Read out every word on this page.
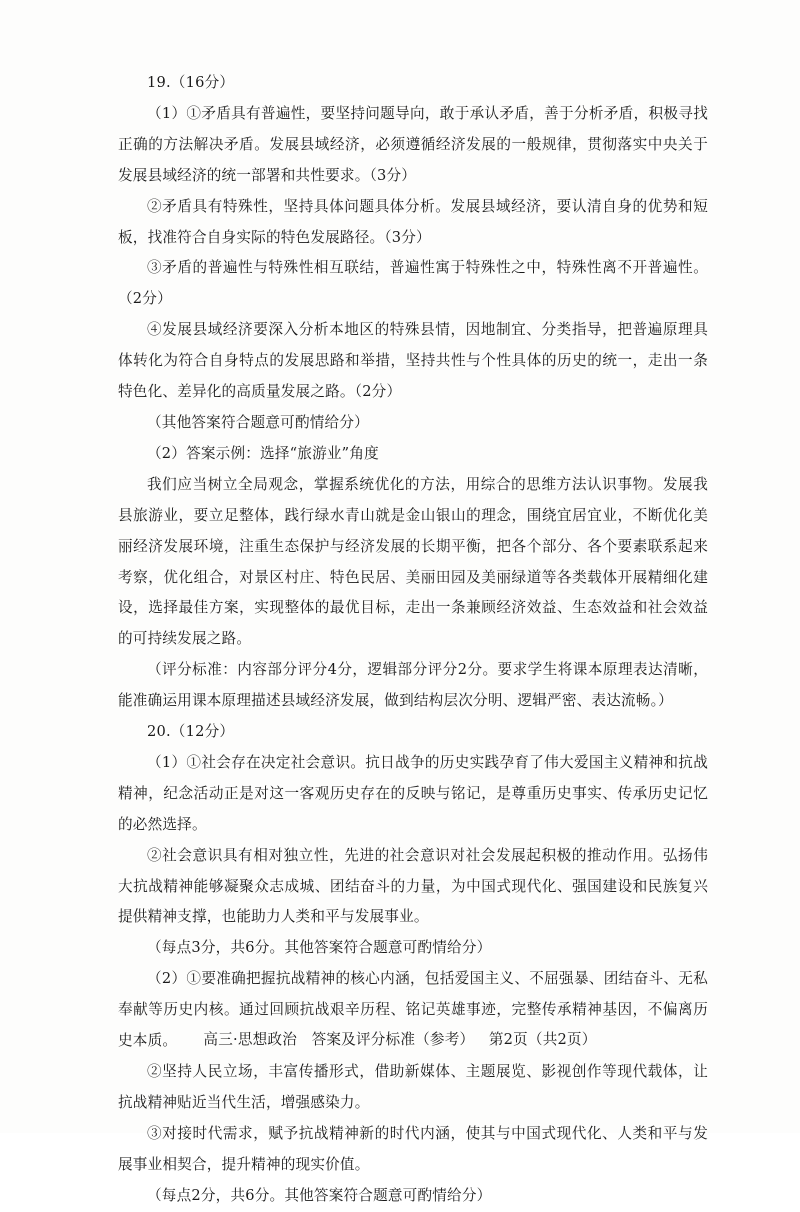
19.（16分）

（1）①矛盾具有普遍性，要坚持问题导向，敢于承认矛盾，善于分析矛盾，积极寻找正确的方法解决矛盾。发展县域经济，必须遵循经济发展的一般规律，贯彻落实中央关于发展县域经济的统一部署和共性要求。（3分）

②矛盾具有特殊性，坚持具体问题具体分析。发展县域经济，要认清自身的优势和短板，找准符合自身实际的特色发展路径。（3分）

③矛盾的普遍性与特殊性相互联结，普遍性寓于特殊性之中，特殊性离不开普遍性。（2分）

④发展县域经济要深入分析本地区的特殊县情，因地制宜、分类指导，把普遍原理具体转化为符合自身特点的发展思路和举措，坚持共性与个性具体的历史的统一，走出一条特色化、差异化的高质量发展之路。（2分）

（其他答案符合题意可酌情给分）

（2）答案示例：选择“旅游业”角度

我们应当树立全局观念，掌握系统优化的方法，用综合的思维方法认识事物。发展我县旅游业，要立足整体，践行绿水青山就是金山银山的理念，围绕宜居宜业，不断优化美丽经济发展环境，注重生态保护与经济发展的长期平衡，把各个部分、各个要素联系起来考察，优化组合，对景区村庄、特色民居、美丽田园及美丽绿道等各类载体开展精细化建设，选择最佳方案，实现整体的最优目标，走出一条兼顾经济效益、生态效益和社会效益的可持续发展之路。

（评分标准：内容部分评分4分，逻辑部分评分2分。要求学生将课本原理表达清晰，能准确运用课本原理描述县域经济发展，做到结构层次分明、逻辑严密、表达流畅。）

20.（12分）

（1）①社会存在决定社会意识。抗日战争的历史实践孕育了伟大爱国主义精神和抗战精神，纪念活动正是对这一客观历史存在的反映与铭记，是尊重历史事实、传承历史记忆的必然选择。

②社会意识具有相对独立性，先进的社会意识对社会发展起积极的推动作用。弘扬伟大抗战精神能够凝聚众志成城、团结奋斗的力量，为中国式现代化、强国建设和民族复兴提供精神支撑，也能助力人类和平与发展事业。

（每点3分，共6分。其他答案符合题意可酌情给分）

（2）①要准确把握抗战精神的核心内涵，包括爱国主义、不屈强暴、团结奋斗、无私奉献等历史内核。通过回顾抗战艰辛历程、铭记英雄事迹，完整传承精神基因，不偏离历史本质。

②坚持人民立场，丰富传播形式，借助新媒体、主题展览、影视创作等现代载体，让抗战精神贴近当代生活，增强感染力。

③对接时代需求，赋予抗战精神新的时代内涵，使其与中国式现代化、人类和平与发展事业相契合，提升精神的现实价值。

（每点2分，共6分。其他答案符合题意可酌情给分）

高三·思想政治 答案及评分标准（参考） 第2页（共2页）
